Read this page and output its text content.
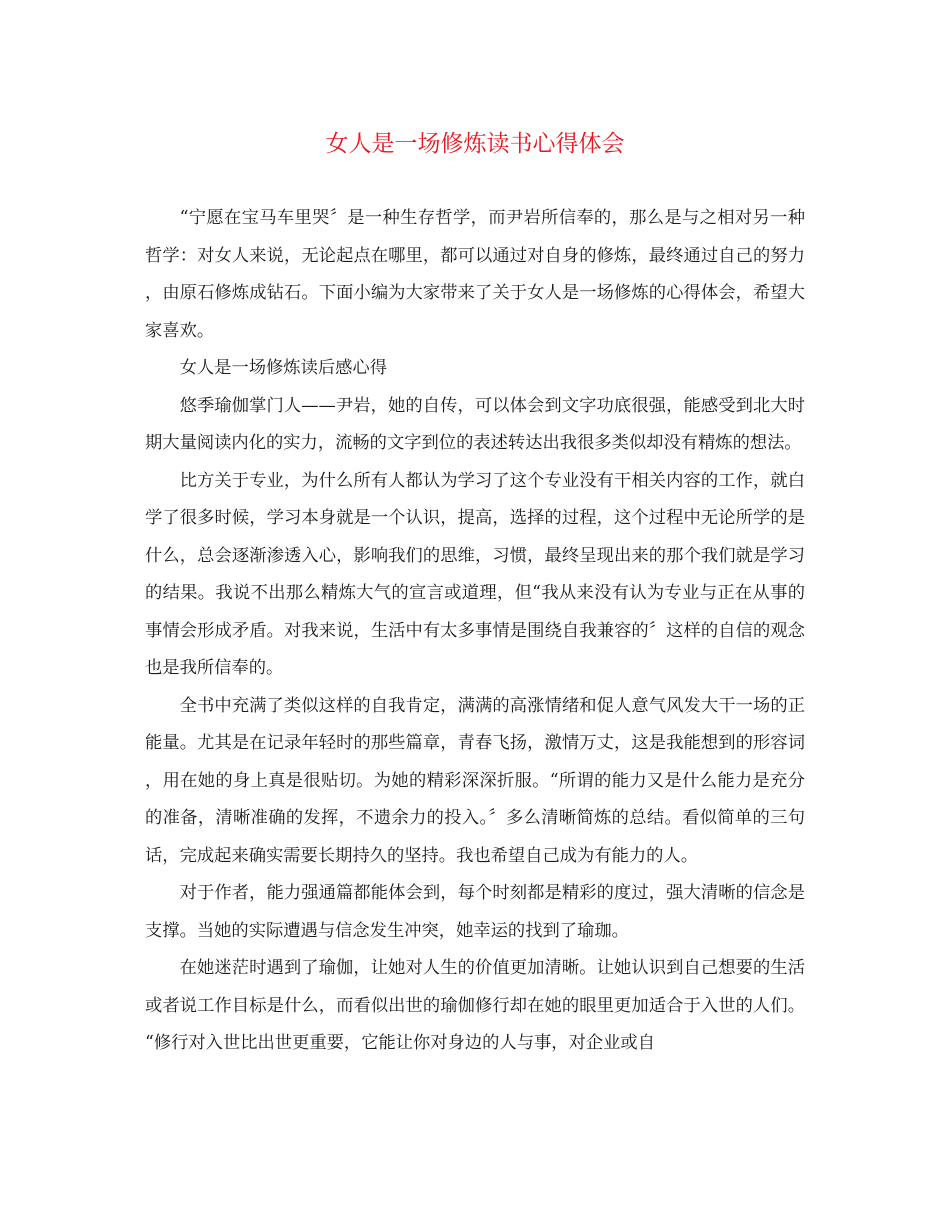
女人是一场修炼读书心得体会

“宁愿在宝马车里哭〞是一种生存哲学，而尹岩所信奉的，那么是与之相对另一种哲学：对女人来说，无论起点在哪里，都可以通过对自身的修炼，最终通过自己的努力，由原石修炼成钻石。下面小编为大家带来了关于女人是一场修炼的心得体会，希望大家喜欢。

女人是一场修炼读后感心得

悠季瑜伽掌门人——尹岩，她的自传，可以体会到文字功底很强，能感受到北大时期大量阅读内化的实力，流畅的文字到位的表述转达出我很多类似却没有精炼的想法。

比方关于专业，为什么所有人都认为学习了这个专业没有干相关内容的工作，就白学了很多时候，学习本身就是一个认识，提高，选择的过程，这个过程中无论所学的是什么，总会逐渐渗透入心，影响我们的思维，习惯，最终呈现出来的那个我们就是学习的结果。我说不出那么精炼大气的宣言或道理，但“我从来没有认为专业与正在从事的事情会形成矛盾。对我来说，生活中有太多事情是围绕自我兼容的〞这样的自信的观念也是我所信奉的。

全书中充满了类似这样的自我肯定，满满的高涨情绪和促人意气风发大干一场的正能量。尤其是在记录年轻时的那些篇章，青春飞扬，激情万丈，这是我能想到的形容词，用在她的身上真是很贴切。为她的精彩深深折服。“所谓的能力又是什么能力是充分的准备，清晰准确的发挥，不遗余力的投入。〞多么清晰简炼的总结。看似简单的三句话，完成起来确实需要长期持久的坚持。我也希望自己成为有能力的人。

对于作者，能力强通篇都能体会到，每个时刻都是精彩的度过，强大清晰的信念是支撑。当她的实际遭遇与信念发生冲突，她幸运的找到了瑜珈。

在她迷茫时遇到了瑜伽，让她对人生的价值更加清晰。让她认识到自己想要的生活或者说工作目标是什么，而看似出世的瑜伽修行却在她的眼里更加适合于入世的人们。“修行对入世比出世更重要，它能让你对身边的人与事，对企业或自
